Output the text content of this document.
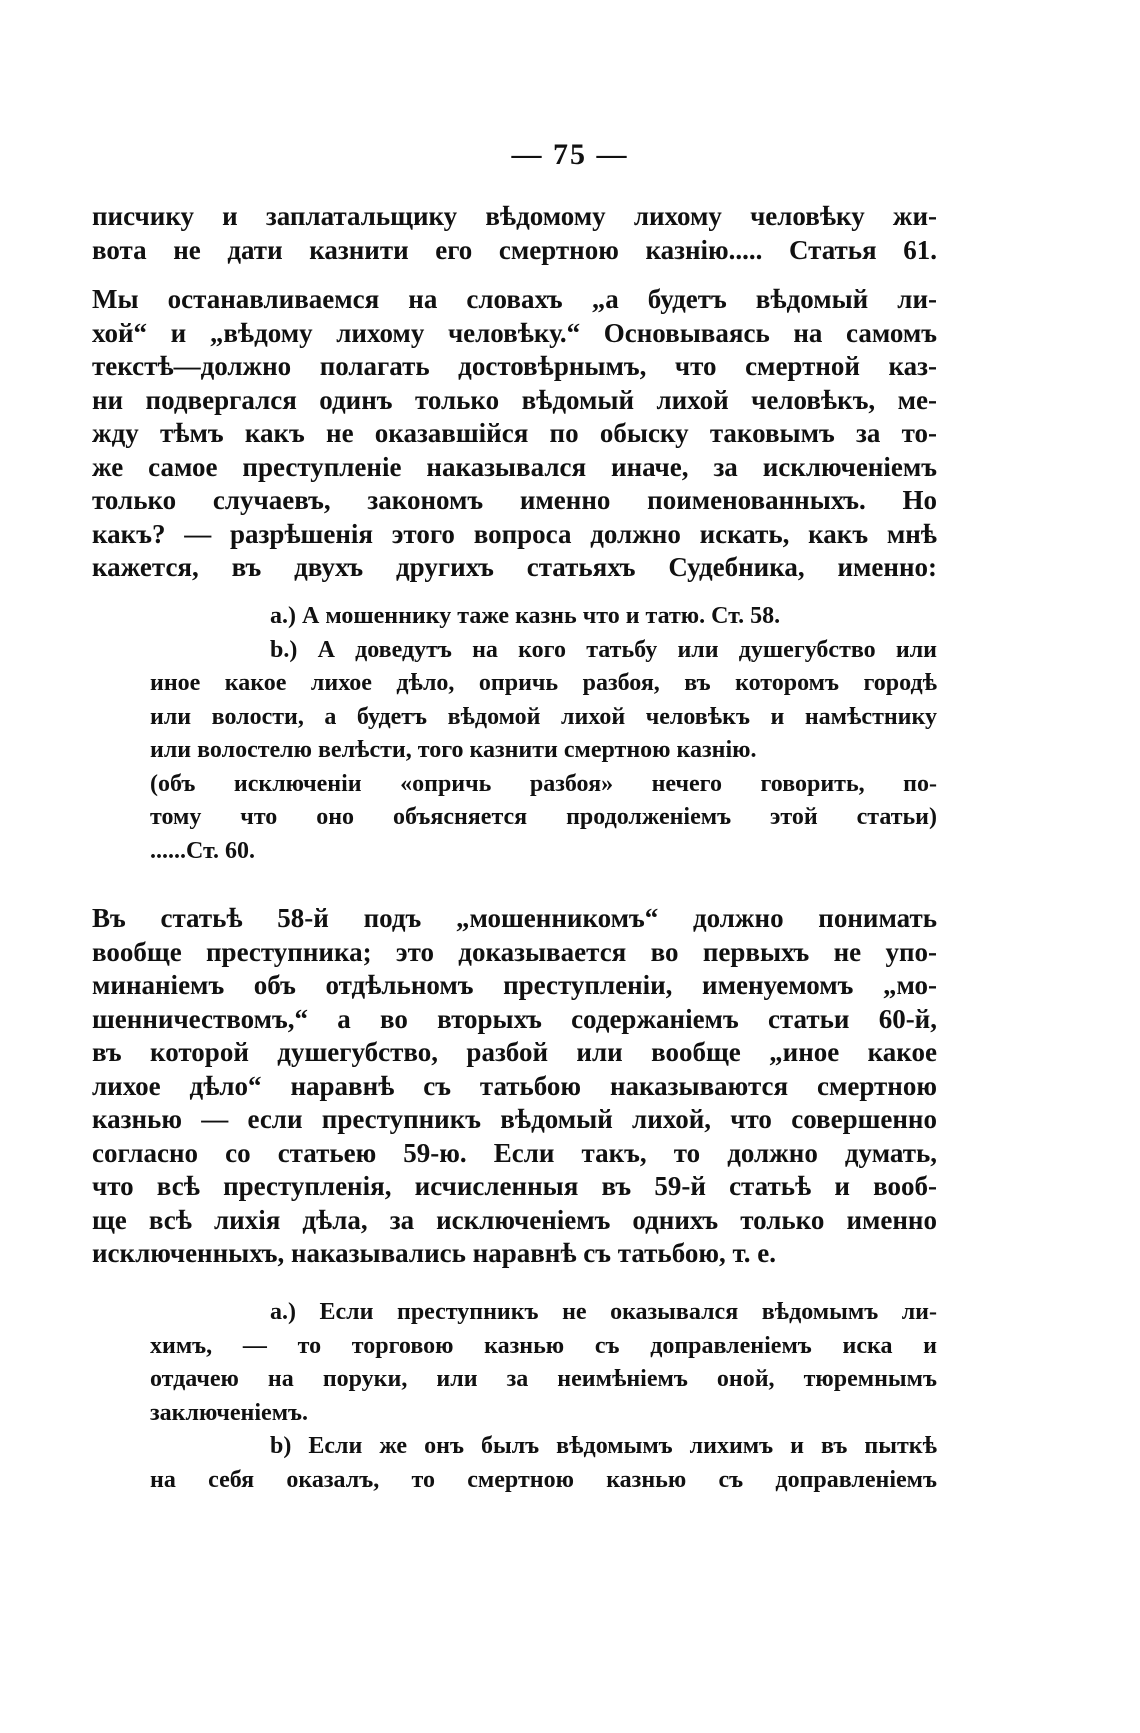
— 75 —
писчику и заплатальщику вѣдомому лихому человѣку жи-
вота не дати казнити его смертною казнію..... Статья 61.
Мы останавливаемся на словахъ „а будетъ вѣдомый ли-
хой“ и „вѣдому лихому человѣку.“ Основываясь на самомъ
текстѣ—должно полагать достовѣрнымъ, что смертной каз-
ни подвергался одинъ только вѣдомый лихой человѣкъ, ме-
жду тѣмъ какъ не оказавшійся по обыску таковымъ за то-
же самое преступленіе наказывался иначе, за исключеніемъ
только случаевъ, закономъ именно поименованныхъ. Но
какъ? — разрѣшенія этого вопроса должно искать, какъ мнѣ
кажется, въ двухъ другихъ статьяхъ Судебника, именно:
а.) А мошеннику таже казнь что и татю. Ст. 58.
b.) А доведутъ на кого татьбу или душегубство или
иное какое лихое дѣло, опричь разбоя, въ которомъ городѣ
или волости, а будетъ вѣдомой лихой человѣкъ и намѣстнику
или волостелю велѣсти, того казнити смертною казнію.
(объ исключеніи «опричь разбоя» нечего говорить, по-
тому что оно объясняется продолженіемъ этой статьи)
......Ст. 60.
Въ статьѣ 58-й подъ „мошенникомъ“ должно понимать
вообще преступника; это доказывается во первыхъ не упо-
минаніемъ объ отдѣльномъ преступленіи, именуемомъ „мо-
шенничествомъ,“ а во вторыхъ содержаніемъ статьи 60-й,
въ которой душегубство, разбой или вообще „иное какое
лихое дѣло“ наравнѣ съ татьбою наказываются смертною
казнью — если преступникъ вѣдомый лихой, что совершенно
согласно со статьею 59-ю. Если такъ, то должно думать,
что всѣ преступленія, исчисленныя въ 59-й статьѣ и вооб-
ще всѣ лихія дѣла, за исключеніемъ однихъ только именно
исключенныхъ, наказывались наравнѣ съ татьбою, т. е.
а.) Если преступникъ не оказывался вѣдомымъ ли-
химъ, — то торговою казнью съ доправленіемъ иска и
отдачею на поруки, или за неимѣніемъ оной, тюремнымъ
заключеніемъ.
b) Если же онъ былъ вѣдомымъ лихимъ и въ пыткѣ
на себя оказалъ, то смертною казнью съ доправленіемъ
